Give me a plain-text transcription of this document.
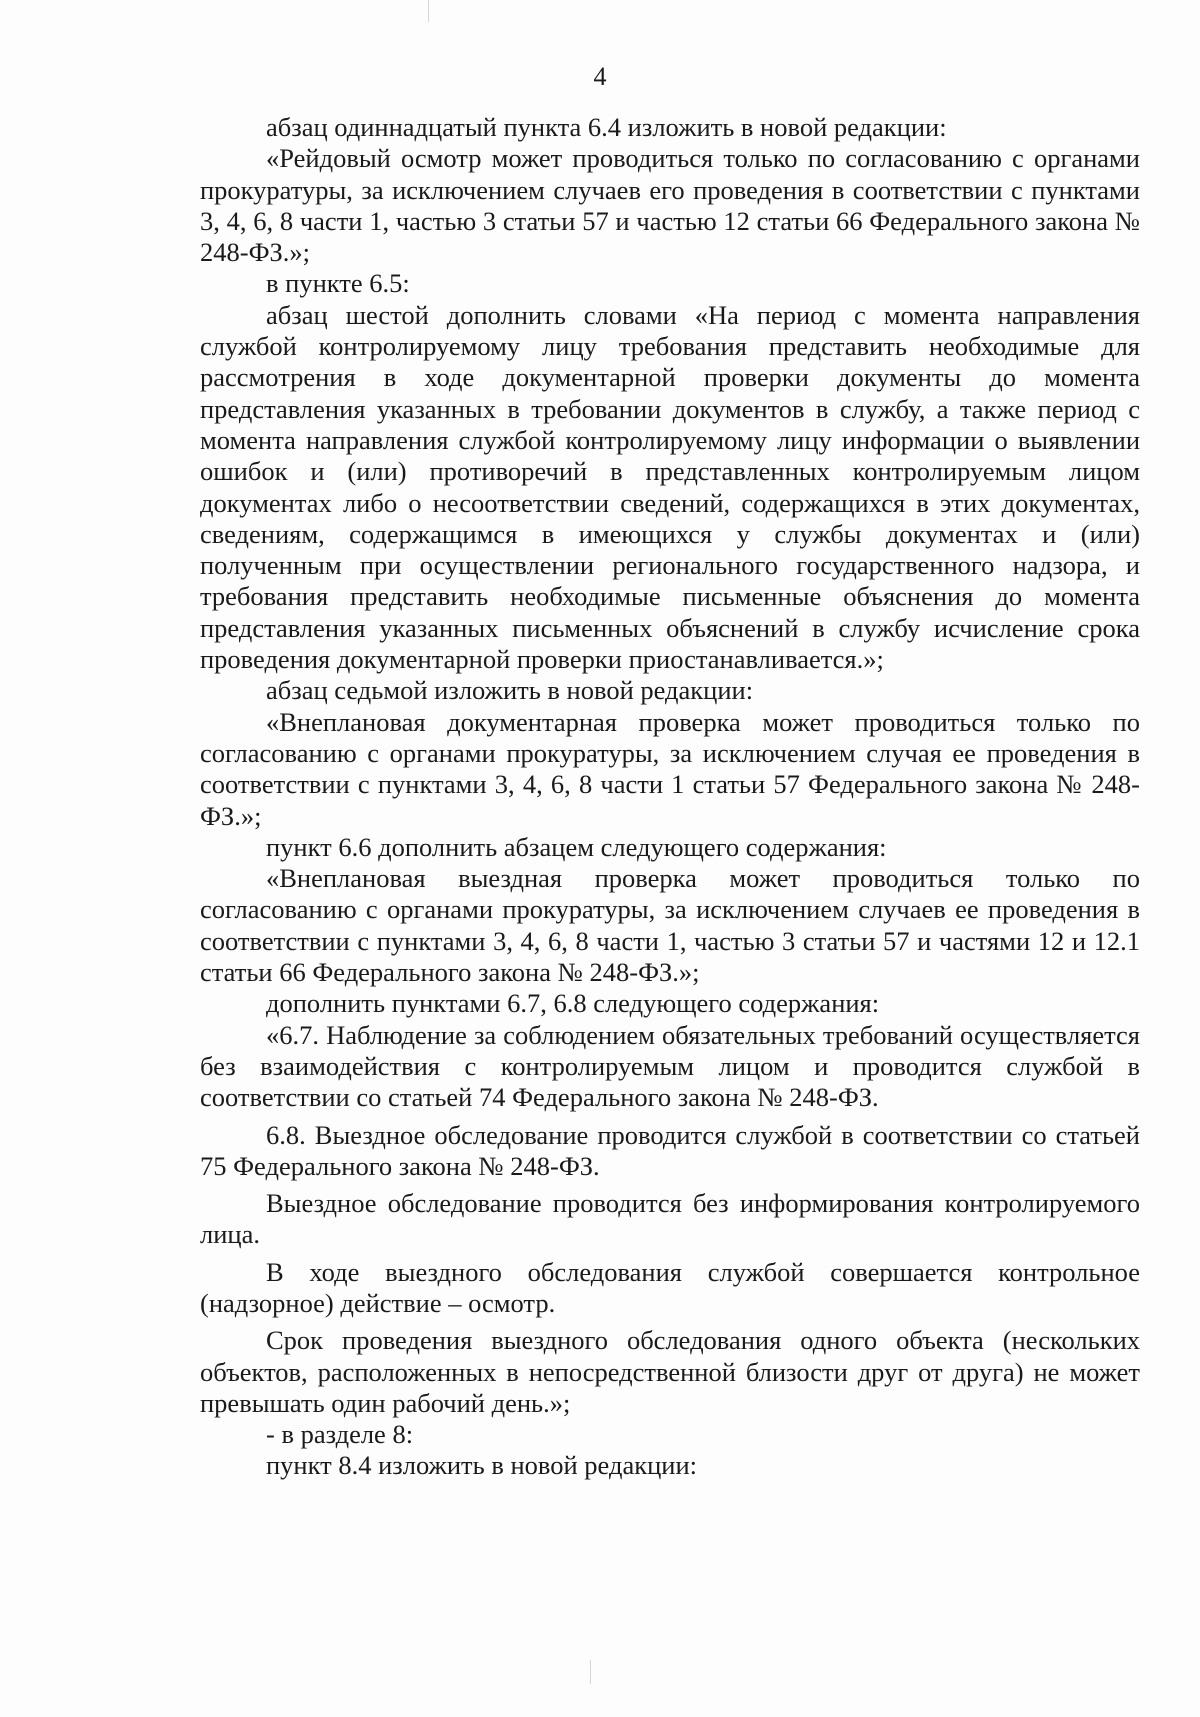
4

абзац одиннадцатый пункта 6.4 изложить в новой редакции:

«Рейдовый осмотр может проводиться только по согласованию с органами прокуратуры, за исключением случаев его проведения в соответствии с пунктами 3, 4, 6, 8 части 1, частью 3 статьи 57 и частью 12 статьи 66 Федерального закона № 248-ФЗ.»;

в пункте 6.5:

абзац шестой дополнить словами «На период с момента направления службой контролируемому лицу требования представить необходимые для рассмотрения в ходе документарной проверки документы до момента представления указанных в требовании документов в службу, а также период с момента направления службой контролируемому лицу информации о выявлении ошибок и (или) противоречий в представленных контролируемым лицом документах либо о несоответствии сведений, содержащихся в этих документах, сведениям, содержащимся в имеющихся у службы документах и (или) полученным при осуществлении регионального государственного надзора, и требования представить необходимые письменные объяснения до момента представления указанных письменных объяснений в службу исчисление срока проведения документарной проверки приостанавливается.»;

абзац седьмой изложить в новой редакции:

«Внеплановая документарная проверка может проводиться только по согласованию с органами прокуратуры, за исключением случая ее проведения в соответствии с пунктами 3, 4, 6, 8 части 1 статьи 57 Федерального закона № 248-ФЗ.»;

пункт 6.6 дополнить абзацем следующего содержания:

«Внеплановая выездная проверка может проводиться только по согласованию с органами прокуратуры, за исключением случаев ее проведения в соответствии с пунктами 3, 4, 6, 8 части 1, частью 3 статьи 57 и частями 12 и 12.1 статьи 66 Федерального закона № 248-ФЗ.»;

дополнить пунктами 6.7, 6.8 следующего содержания:

«6.7. Наблюдение за соблюдением обязательных требований осуществляется без взаимодействия с контролируемым лицом и проводится службой в соответствии со статьей 74 Федерального закона № 248-ФЗ.

6.8. Выездное обследование проводится службой в соответствии со статьей 75 Федерального закона № 248-ФЗ.

Выездное обследование проводится без информирования контролируемого лица.

В ходе выездного обследования службой совершается контрольное (надзорное) действие – осмотр.

Срок проведения выездного обследования одного объекта (нескольких объектов, расположенных в непосредственной близости друг от друга) не может превышать один рабочий день.»;

- в разделе 8:

пункт 8.4 изложить в новой редакции:
